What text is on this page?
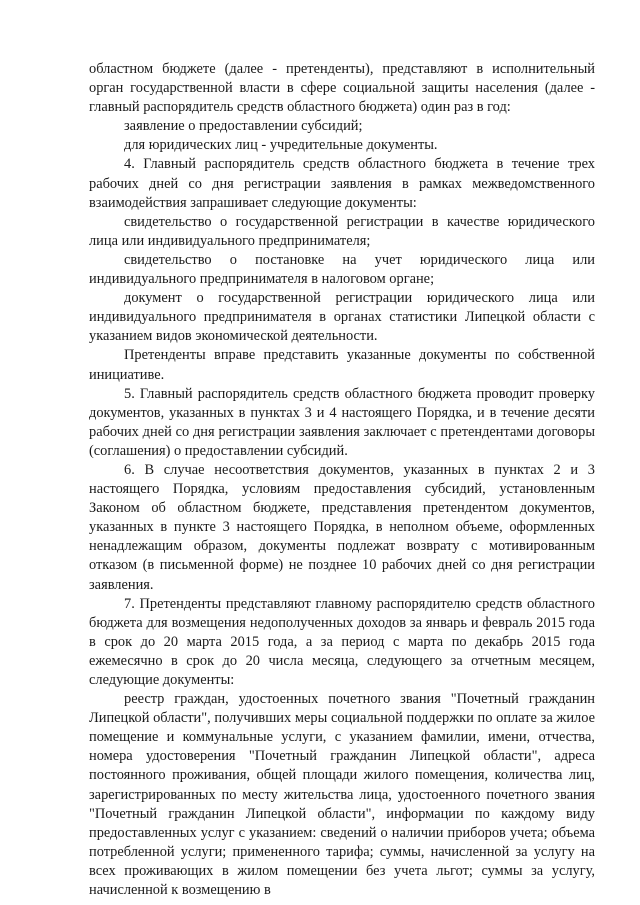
областном бюджете (далее - претенденты), представляют в исполнительный орган государственной власти в сфере социальной защиты населения (далее - главный распорядитель средств областного бюджета) один раз в год:

заявление о предоставлении субсидий;

для юридических лиц - учредительные документы.

4. Главный распорядитель средств областного бюджета в течение трех рабочих дней со дня регистрации заявления в рамках межведомственного взаимодействия запрашивает следующие документы:

свидетельство о государственной регистрации в качестве юридического лица или индивидуального предпринимателя;

свидетельство о постановке на учет юридического лица или индивидуального предпринимателя в налоговом органе;

документ о государственной регистрации юридического лица или индивидуального предпринимателя в органах статистики Липецкой области с указанием видов экономической деятельности.

Претенденты вправе представить указанные документы по собственной инициативе.

5. Главный распорядитель средств областного бюджета проводит проверку документов, указанных в пунктах 3 и 4 настоящего Порядка, и в течение десяти рабочих дней со дня регистрации заявления заключает с претендентами договоры (соглашения) о предоставлении субсидий.

6. В случае несоответствия документов, указанных в пунктах 2 и 3 настоящего Порядка, условиям предоставления субсидий, установленным Законом об областном бюджете, представления претендентом документов, указанных в пункте 3 настоящего Порядка, в неполном объеме, оформленных ненадлежащим образом, документы подлежат возврату с мотивированным отказом (в письменной форме) не позднее 10 рабочих дней со дня регистрации заявления.

7. Претенденты представляют главному распорядителю средств областного бюджета для возмещения недополученных доходов за январь и февраль 2015 года в срок до 20 марта 2015 года, а за период с марта по декабрь 2015 года ежемесячно в срок до 20 числа месяца, следующего за отчетным месяцем, следующие документы:

реестр граждан, удостоенных почетного звания "Почетный гражданин Липецкой области", получивших меры социальной поддержки по оплате за жилое помещение и коммунальные услуги, с указанием фамилии, имени, отчества, номера удостоверения "Почетный гражданин Липецкой области", адреса постоянного проживания, общей площади жилого помещения, количества лиц, зарегистрированных по месту жительства лица, удостоенного почетного звания "Почетный гражданин Липецкой области", информации по каждому виду предоставленных услуг с указанием: сведений о наличии приборов учета; объема потребленной услуги; примененного тарифа; суммы, начисленной за услугу на всех проживающих в жилом помещении без учета льгот; суммы за услугу, начисленной к возмещению в
